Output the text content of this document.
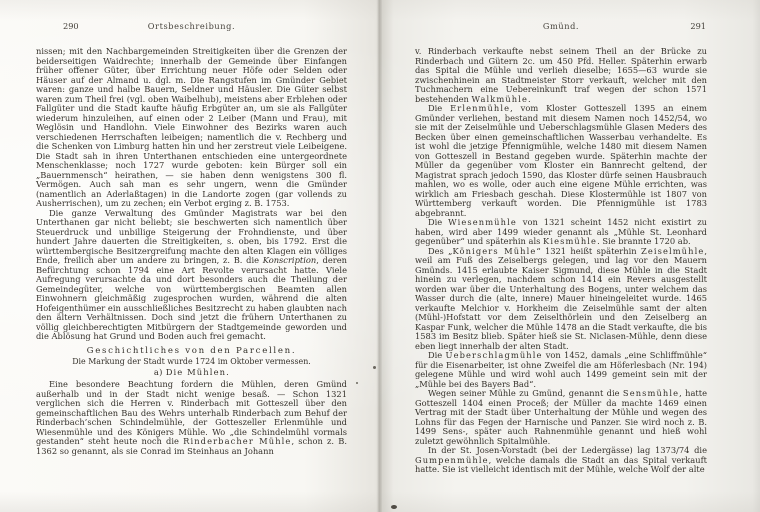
290	Ortsbeschreibung.

nissen; mit den Nachbargemeinden Streitigkeiten über die Grenzen der beiderseitigen Waidrechte; innerhalb der Gemeinde über Einfangen früher offener Güter, über Errichtung neuer Höfe oder Selden oder Häuser auf der Almand u. dgl. m. Die Rangstufen im Gmünder Gebiet waren: ganze und halbe Bauern, Seldner und Häusler. Die Güter selbst waren zum Theil frei (vgl. oben Waibelhub), meistens aber Erblehen oder Fallgüter und die Stadt kaufte häufig Erbgüter an, um sie als Fallgüter wiederum hinzuleihen, auf einen oder 2 Leiber (Mann und Frau), mit Weglösin und Handlohn. Viele Einwohner des Bezirks waren auch verschiedenen Herrschaften leibeigen; namentlich die v. Rechberg und die Schenken von Limburg hatten hin und her zerstreut viele Leibeigene. Die Stadt sah in ihren Unterthanen entschieden eine untergeordnete Menschenklasse; noch 1727 wurde geboten: kein Bürger soll ein „Bauernmensch“ heirathen, — sie haben denn wenigstens 300 fl. Vermögen. Auch sah man es sehr ungern, wenn die Gmünder (namentlich an Aderlaßtagen) in die Landorte zogen (gar vollends zu Ausherrischen), um zu zechen; ein Verbot erging z. B. 1753.

Die ganze Verwaltung des Gmünder Magistrats war bei den Unterthanen gar nicht beliebt; sie beschwerten sich namentlich über Steuerdruck und unbillige Steigerung der Frohndienste, und über hundert Jahre dauerten die Streitigkeiten, s. oben, bis 1792. Erst die württembergische Besitzergreifung machte den alten Klagen ein völliges Ende, freilich aber um andere zu bringen, z. B. die Konscription, deren Befürchtung schon 1794 eine Art Revolte verursacht hatte. Viele Aufregung verursachte da und dort besonders auch die Theilung der Gemeindegüter, welche von württembergischen Beamten allen Einwohnern gleichmäßig zugesprochen wurden, während die alten Hofeigenthümer ein ausschließliches Besitzrecht zu haben glaubten nach den ältern Verhältnissen. Doch sind jetzt die frühern Unterthanen zu völlig gleichberechtigten Mitbürgern der Stadtgemeinde geworden und die Ablösung hat Grund und Boden auch frei gemacht.

Geschichtliches von den Parcellen.

Die Markung der Stadt wurde 1724 im Oktober vermessen.

a) Die Mühlen.

Eine besondere Beachtung fordern die Mühlen, deren Gmünd außerhalb und in der Stadt nicht wenige besaß. — Schon 1321 verglichen sich die Herren v. Rinderbach mit Gotteszell über den gemeinschaftlichen Bau des Wehrs unterhalb Rinderbach zum Behuf der Rinderbach’schen Schindelmühle, der Gotteszeller Erlenmühle und Wiesenmühle und des Königers Mühle. Wo „die Schindelmühl vormals gestanden“ steht heute noch die Rinderbacher Mühle, schon z. B. 1362 so genannt, als sie Conrad im Steinhaus an Johann

Gmünd.	291

v. Rinderbach verkaufte nebst seinem Theil an der Brücke zu Rinderbach und Gütern 2c. um 450 Pfd. Heller. Späterhin erwarb das Spital die Mühle und verlieh dieselbe; 1655—63 wurde sie zwischenhinein an Stadtmeister Storr verkauft, welcher mit den Tuchmachern eine Uebereinkunft traf wegen der schon 1571 bestehenden Walkmühle.

Die Erlenmühle, vom Kloster Gotteszell 1395 an einem Gmünder verliehen, bestand mit diesem Namen noch 1452/54, wo sie mit der Zeiselmühle und Ueberschlagsmühle Glasen Meders des Becken über einen gemeinschaftlichen Wasserbau verhandelte. Es ist wohl die jetzige Pfennigmühle, welche 1480 mit diesem Namen von Gotteszell in Bestand gegeben wurde. Späterhin machte der Müller da gegenüber vom Kloster ein Bannrecht geltend, der Magistrat sprach jedoch 1590, das Kloster dürfe seinen Hausbrauch mahlen, wo es wolle, oder auch eine eigene Mühle errichten, was wirklich am Friesbach geschah. Diese Klostermühle ist 1807 von Württemberg verkauft worden. Die Pfennigmühle ist 1783 abgebrannt.

Die Wiesenmühle von 1321 scheint 1452 nicht existirt zu haben, wird aber 1499 wieder genannt als „Mühle St. Leonhard gegenüber“ und späterhin als Kiesmühle. Sie brannte 1720 ab.

Des „Königers Mühle“ 1321 heißt späterhin Zeiselmühle, weil am Fuß des Zeiselbergs gelegen, und lag vor den Mauern Gmünds. 1415 erlaubte Kaiser Sigmund, diese Mühle in die Stadt hinein zu verlegen, nachdem schon 1414 ein Revers ausgestellt worden war über die Unterhaltung des Bogens, unter welchem das Wasser durch die (alte, innere) Mauer hineingeleitet wurde. 1465 verkaufte Melchior v. Horkheim die Zeiselmühle samt der alten (Mühl-)Hofstatt vor dem Zeiselthörlein und den Zeiselberg an Kaspar Funk, welcher die Mühle 1478 an die Stadt verkaufte, die bis 1583 im Besitz blieb. Später hieß sie St. Niclasen-Mühle, denn diese eben liegt innerhalb der alten Stadt.

Die Ueberschlagmühle von 1452, damals „eine Schliffmühle“ für die Eisenarbeiter, ist ohne Zweifel die am Höferlesbach (Nr. 194) gelegene Mühle und wird wohl auch 1499 gemeint sein mit der „Mühle bei des Bayers Bad“.

Wegen seiner Mühle zu Gmünd, genannt die Sensmühle, hatte Gotteszell 1404 einen Proceß; der Müller da machte 1469 einen Vertrag mit der Stadt über Unterhaltung der Mühle und wegen des Lohns für das Fegen der Harnische und Panzer. Sie wird noch z. B. 1499 Sens-, später auch Rahnenmühle genannt und hieß wohl zuletzt gewöhnlich Spitalmühle.

In der St. Josen-Vorstadt (bei der Ledergässe) lag 1373/74 die Gumpenmühle, welche damals die Stadt an das Spital verkauft hatte. Sie ist vielleicht identisch mit der Mühle, welche Wolf der alte
